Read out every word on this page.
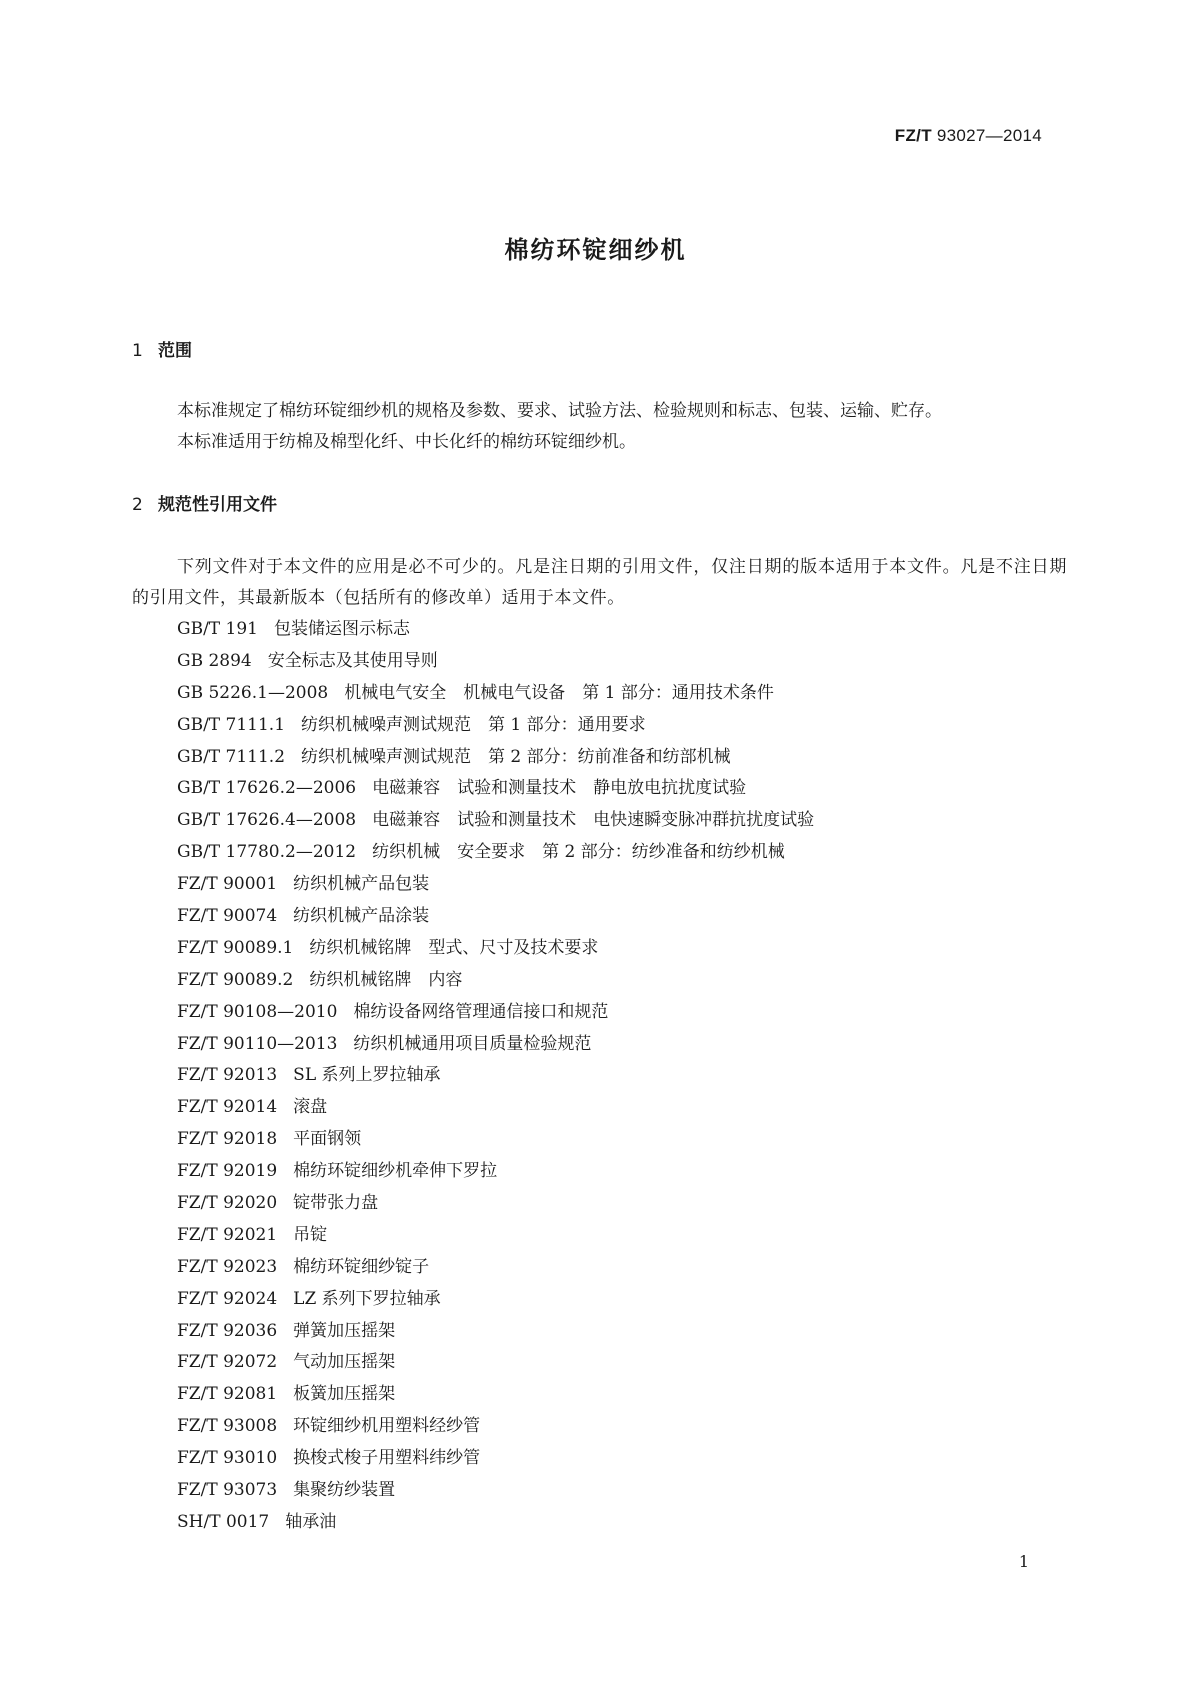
FZ/T 93027—2014
棉纺环锭细纱机
1 范围

本标准规定了棉纺环锭细纱机的规格及参数、要求、试验方法、检验规则和标志、包装、运输、贮存。

本标准适用于纺棉及棉型化纤、中长化纤的棉纺环锭细纱机。

2 规范性引用文件

下列文件对于本文件的应用是必不可少的。凡是注日期的引用文件，仅注日期的版本适用于本文件。凡是不注日期的引用文件，其最新版本（包括所有的修改单）适用于本文件。

GB/T 191 包装储运图示标志
GB 2894 安全标志及其使用导则
GB 5226.1—2008 机械电气安全　机械电气设备　第 1 部分：通用技术条件
GB/T 7111.1 纺织机械噪声测试规范　第 1 部分：通用要求
GB/T 7111.2 纺织机械噪声测试规范　第 2 部分：纺前准备和纺部机械
GB/T 17626.2—2006 电磁兼容　试验和测量技术　静电放电抗扰度试验
GB/T 17626.4—2008 电磁兼容　试验和测量技术　电快速瞬变脉冲群抗扰度试验
GB/T 17780.2—2012 纺织机械　安全要求　第 2 部分：纺纱准备和纺纱机械
FZ/T 90001 纺织机械产品包装
FZ/T 90074 纺织机械产品涂装
FZ/T 90089.1 纺织机械铭牌　型式、尺寸及技术要求
FZ/T 90089.2 纺织机械铭牌　内容
FZ/T 90108—2010 棉纺设备网络管理通信接口和规范
FZ/T 90110—2013 纺织机械通用项目质量检验规范
FZ/T 92013 SL 系列上罗拉轴承
FZ/T 92014 滚盘
FZ/T 92018 平面钢领
FZ/T 92019 棉纺环锭细纱机牵伸下罗拉
FZ/T 92020 锭带张力盘
FZ/T 92021 吊锭
FZ/T 92023 棉纺环锭细纱锭子
FZ/T 92024 LZ 系列下罗拉轴承
FZ/T 92036 弹簧加压摇架
FZ/T 92072 气动加压摇架
FZ/T 92081 板簧加压摇架
FZ/T 93008 环锭细纱机用塑料经纱管
FZ/T 93010 换梭式梭子用塑料纬纱管
FZ/T 93073 集聚纺纱装置
SH/T 0017 轴承油
1
